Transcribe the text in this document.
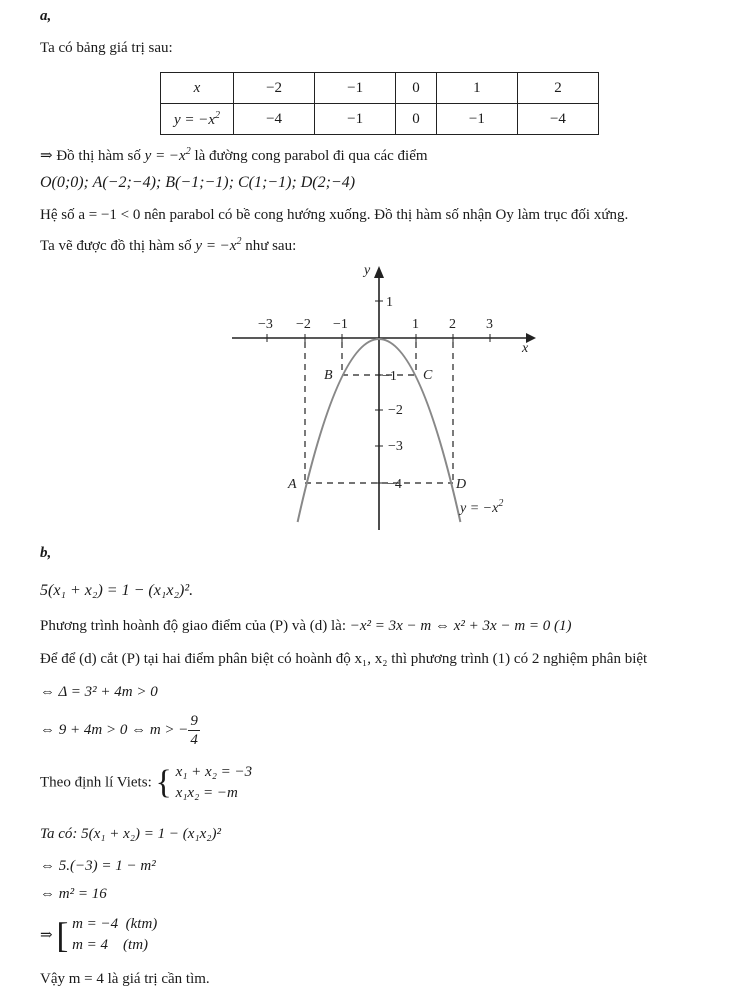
a,
Ta có bảng giá trị sau:
x	−2	−1	0	1	2
$y = -x^2$	−4	−1	0	−1	−4
⇒ Đồ thị hàm số $y = -x^2$ là đường cong parabol đi qua các điểm
O(0;0); A(−2;−4); B(−1;−1); C(1;−1); D(2;−4)
Hệ số a = −1 < 0 nên parabol có bề cong hướng xuống. Đồ thị hàm số nhận Oy làm trục đối xứng.
Ta vẽ được đồ thị hàm số $y = -x^2$ như sau:
x
y
−3 −2 −1	1 2 3
1
−1
−2
−3
−4
B	C
A	D
$y = -x^2$
b,
5(x₁ + x₂) = 1 − (x₁x₂)².
Phương trình hoành độ giao điểm của (P) và (d) là: −x² = 3x − m ⇔ x² + 3x − m = 0 (1)
Để để (d) cắt (P) tại hai điểm phân biệt có hoành độ x₁, x₂ thì phương trình (1) có 2 nghiệm phân biệt
⇔ Δ = 3² + 4m > 0
⇔ 9 + 4m > 0 ⇔ m > − $\frac{9}{4}$
Theo định lí Viets: { x₁ + x₂ = −3
x₁x₂ = −m
Ta có: 5(x₁ + x₂) = 1 − (x₁x₂)²
⇔ 5.(−3) = 1 − m²
⇔ m² = 16
⇒ [ m = −4  (ktm)
m = 4    (tm)
Vậy m = 4 là giá trị cần tìm.
